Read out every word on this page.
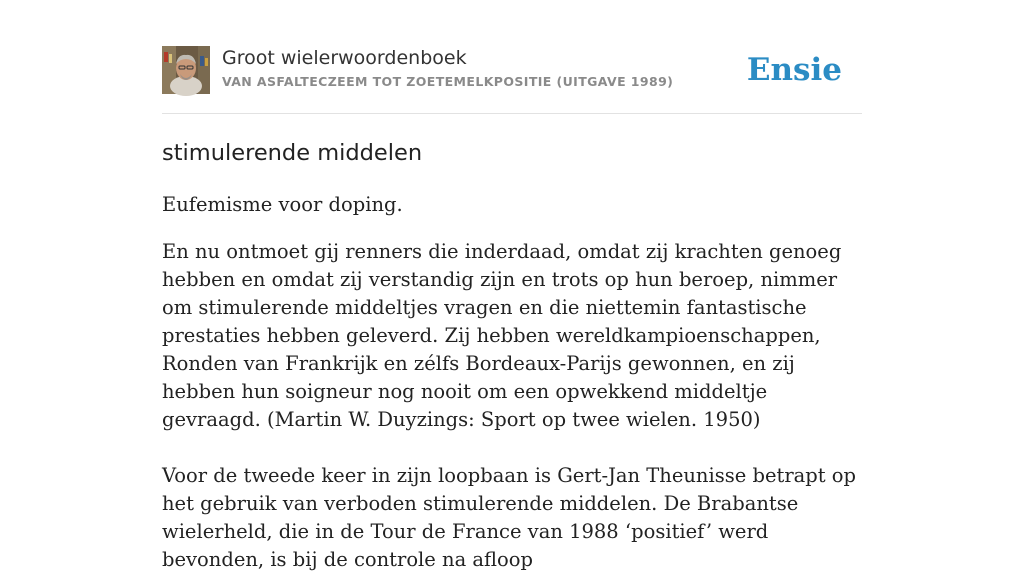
Groot wielerwoordenboek
VAN ASFALTECZEEM TOT ZOETEMELKPOSITIE (UITGAVE 1989) Ensie
stimulerende middelen

Eufemisme voor doping.

En nu ontmoet gij renners die inderdaad, omdat zij krachten genoeg hebben en omdat zij verstandig zijn en trots op hun beroep, nimmer om stimulerende middeltjes vragen en die niettemin fantastische prestaties hebben geleverd. Zij hebben wereldkampioenschappen, Ronden van Frankrijk en zélfs Bordeaux-Parijs gewonnen, en zij hebben hun soigneur nog nooit om een opwekkend middeltje gevraagd. (Martin W. Duyzings: Sport op twee wielen. 1950)

Voor de tweede keer in zijn loopbaan is Gert-Jan Theunisse betrapt op het gebruik van verboden stimulerende middelen. De Brabantse wielerheld, die in de Tour de France van 1988 ‘positief’ werd bevonden, is bij de controle na afloop
